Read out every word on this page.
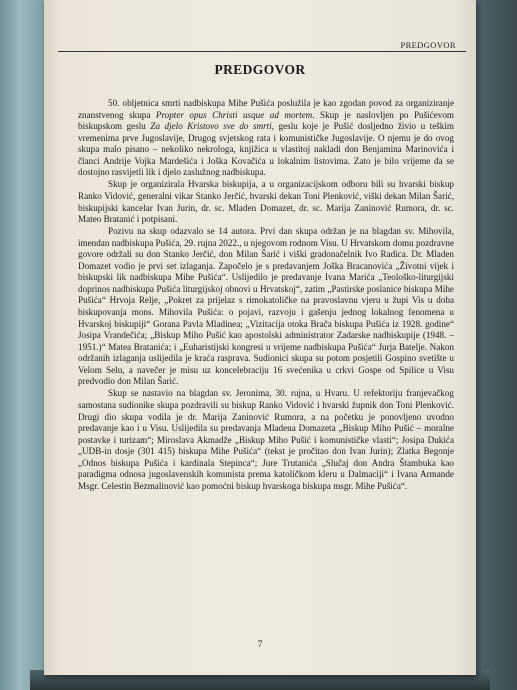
PREDGOVOR
PREDGOVOR

50. obljetnica smrti nadbiskupa Mihe Pušića poslužila je kao zgodan povod za organiziranje znanstvenog skupa Propter opus Christi usque ad mortem. Skup je naslovljen po Pušićevom biskupskom geslu Za djelo Kristovo sve do smrti, geslu koje je Pušić dosljedno živio u teškim vremenima prve Jugoslavije, Drugog svjetskog rata i komunističke Jugoslavije. O njemu je do ovog skupa malo pisano – nekoliko nekrologa, knjižica u vlastitoj nakladi don Benjamina Marinovića i članci Andrije Vojka Mardešića i Joška Kovačića u lokalnim listovima. Zato je bilo vrijeme da se dostojno rasvijetli lik i djelo zaslužnog nadbiskupa.

Skup je organizirala Hvarska biskupija, a u organizacijskom odboru bili su hvarski biskup Ranko Vidović, generalni vikar Stanko Jerčić, hvarski dekan Toni Plenković, viški dekan Milan Šarić, biskupijski kancelar Ivan Jurin, dr. sc. Mladen Domazet, dr. sc. Marija Zaninović Rumora, dr. sc. Mateo Bratanić i potpisani.

Pozivu na skup odazvalo se 14 autora. Prvi dan skupa održan je na blagdan sv. Mihovila, imendan nadbiskupa Pušića, 29. rujna 2022., u njegovom rodnom Visu. U Hrvatskom domu pozdravne govore održali su don Stanko Jerčić, don Milan Šarić i viški gradonačelnik Ivo Radica. Dr. Mladen Domazet vodio je prvi set izlaganja. Započelo je s predavanjem Joška Bracanovića „Životni vijek i biskupski lik nadbiskupa Mihe Pušića“. Uslijedilo je predavanje Ivana Marića „Teološko-liturgijski doprinos nadbiskupa Pušića liturgijskoj obnovi u Hrvatskoj“, zatim „Pastirske poslanice biskupa Mihe Pušića“ Hrvoja Relje, „Pokret za prijelaz s rimokatoličke na pravoslavnu vjeru u župi Vis u doba biskupovanja mons. Mihovila Pušića: o pojavi, razvoju i gašenju jednog lokalnog fenomena u Hvarskoj biskupiji“ Gorana Pavla Mladinea; „Vizitacija otoka Brača biskupa Pušića iz 1928. godine“ Josipa Vrandečića; „Biskup Miho Pušić kao apostolski administrator Zadarske nadbiskupije (1948. – 1951.)“ Matea Bratanića; i „Euharistijski kongresi u vrijeme nadbiskupa Pušića“ Jurja Batelje. Nakon održanih izlaganja uslijedila je kraća rasprava. Sudionici skupa su potom posjetili Gospino svetište u Velom Selu, a navečer je misu uz koncelebraciju 16 svećenika u crkvi Gospe od Spilice u Visu predvodio don Milan Šarić.

Skup se nastavio na blagdan sv. Jeronima, 30. rujna, u Hvaru. U refektoriju franjevačkog samostana sudionike skupa pozdravili su biskup Ranko Vidović i hvarski župnik don Toni Plenković. Drugi dio skupa vodila je dr. Marija Zaninović Rumora, a na početku je ponovljeno uvodno predavanje kao i u Visu. Uslijedila su predavanja Mladena Domazeta „Biskup Miho Pušić – moralne postavke i turizam“; Miroslava Akmadže „Biskup Miho Pušić i komunističke vlasti“; Josipa Dukića „UDB-in dosje (301 415) biskupa Mihe Pušića“ (tekst je pročitao don Ivan Jurin); Zlatka Begonje „Odnos biskupa Pušića i kardinala Stepinca“; Jure Trutanića „Slučaj don Andra Štambuka kao paradigma odnosa jugoslavenskih komunista prema katoličkom kleru u Dalmaciji“ i Ivana Armande Msgr. Celestin Bezmalinović kao pomoćni biskup hvarskoga biskupa msgr. Mihe Pušića“.

7
